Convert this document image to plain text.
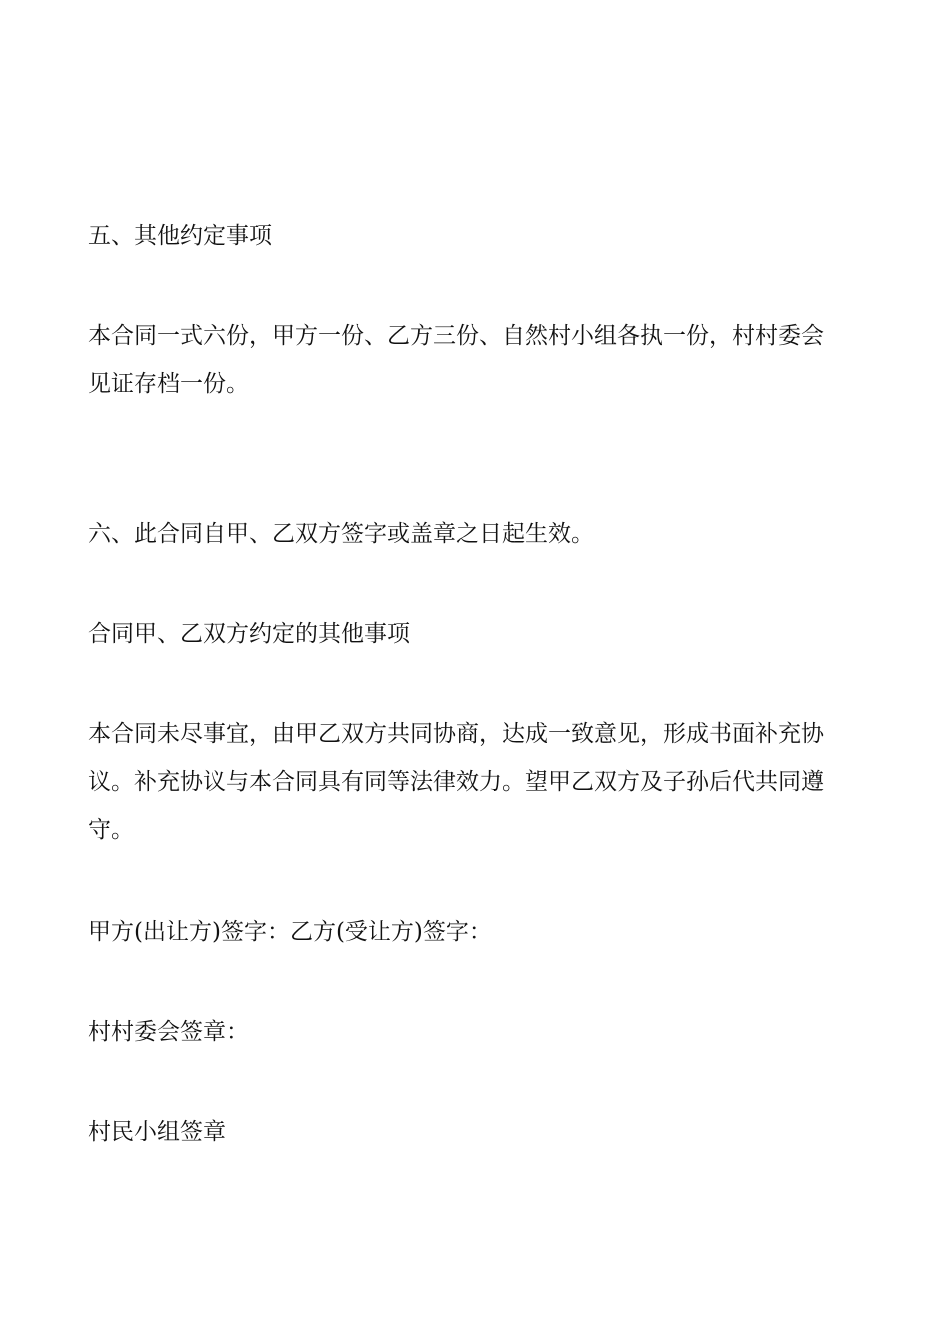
五、其他约定事项

本合同一式六份，甲方一份、乙方三份、自然村小组各执一份，村村委会
见证存档一份。

六、此合同自甲、乙双方签字或盖章之日起生效。

合同甲、乙双方约定的其他事项

本合同未尽事宜，由甲乙双方共同协商，达成一致意见，形成书面补充协
议。补充协议与本合同具有同等法律效力。望甲乙双方及子孙后代共同遵
守。

甲方(出让方)签字：乙方(受让方)签字：

村村委会签章：

村民小组签章
